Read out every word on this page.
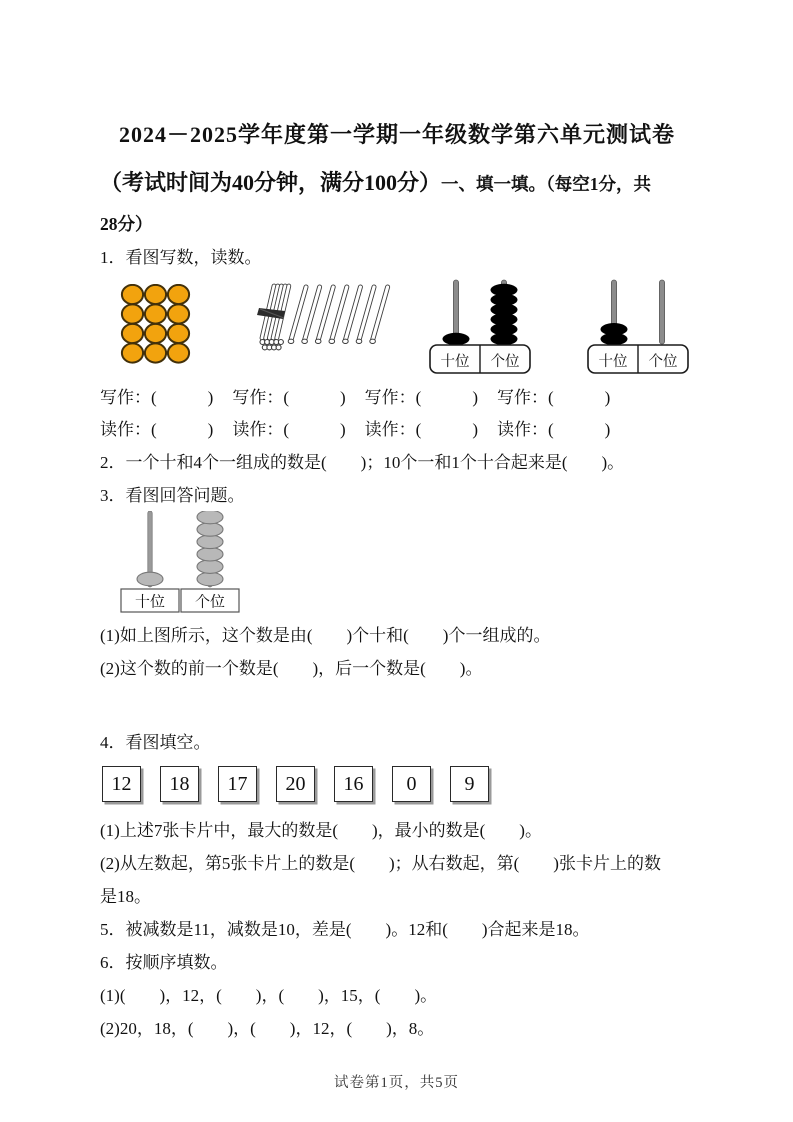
2024－2025学年度第一学期一年级数学第六单元测试卷

（考试时间为40分钟，满分100分）一、填一填。（每空1分，共

28分）

1．看图写数，读数。

十位 个位	十位 个位
写作：(　　　) 写作：(　　　) 写作：(　　　) 写作：(　　　)
读作：(　　　) 读作：(　　　) 读作：(　　　) 读作：(　　　)

2．一个十和4个一组成的数是(　　)；10个一和1个十合起来是(　　)。

3．看图回答问题。

十位 个位

(1)如上图所示，这个数是由(　　)个十和(　　)个一组成的。

(2)这个数的前一个数是(　　)，后一个数是(　　)。

4．看图填空。

12	18	17	20	16	0	9

(1)上述7张卡片中，最大的数是(　　)，最小的数是(　　)。

(2)从左数起，第5张卡片上的数是(　　)；从右数起，第(　　)张卡片上的数

是18。

5．被减数是11，减数是10，差是(　　)。12和(　　)合起来是18。

6．按顺序填数。

(1)(　　)，12，(　　)，(　　)，15，(　　)。

(2)20，18，(　　)，(　　)，12，(　　)，8。

试卷第1页，共5页
